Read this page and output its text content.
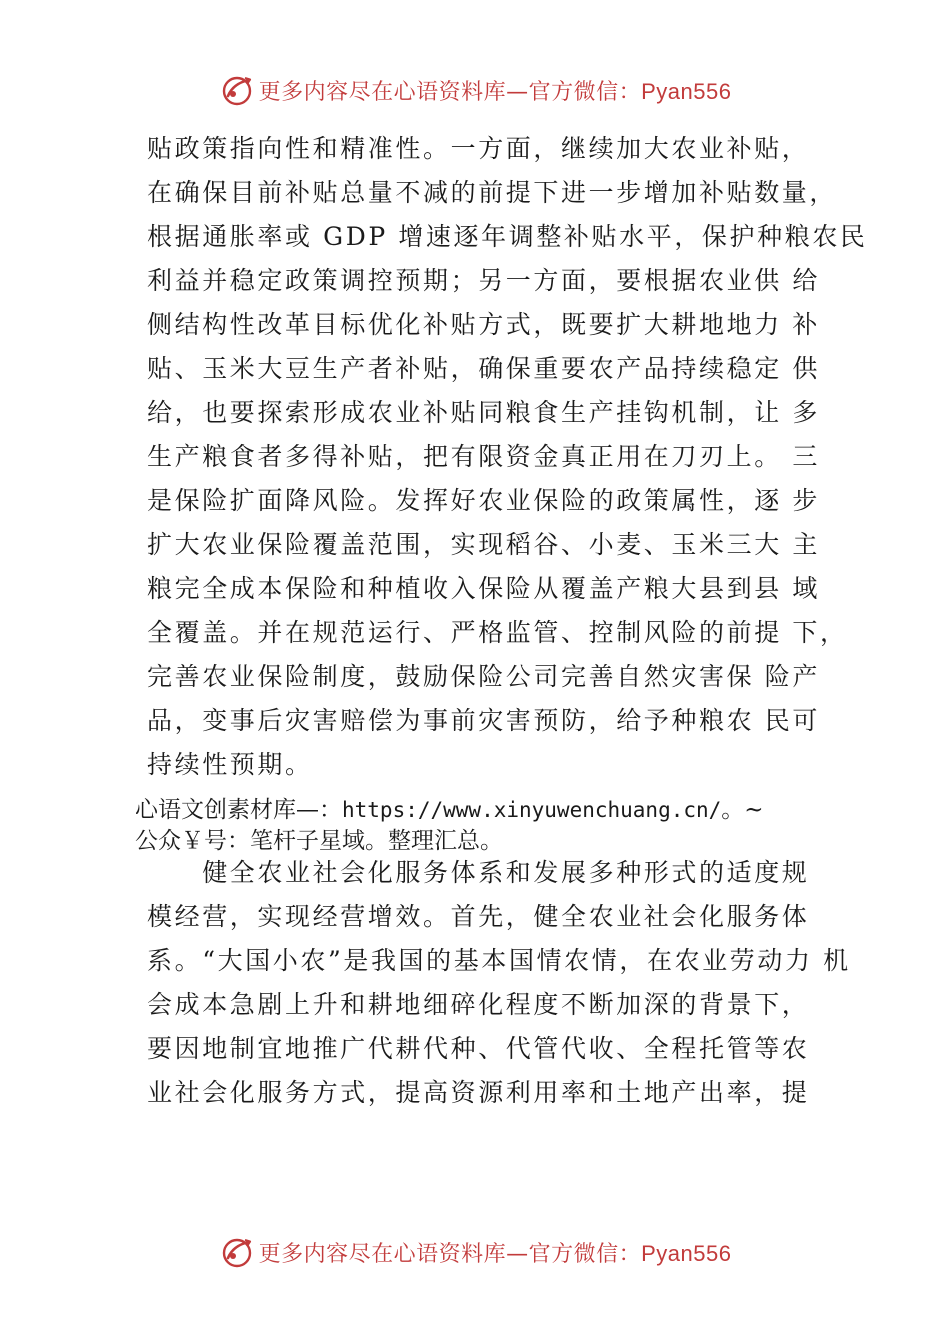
更多内容尽在心语资料库—官方微信：Pyan556
贴政策指向性和精准性。一方面，继续加大农业补贴，
在确保目前补贴总量不减的前提下进一步增加补贴数量，
根据通胀率或 GDP 增速逐年调整补贴水平，保护种粮农民
利益并稳定政策调控预期；另一方面，要根据农业供 给
侧结构性改革目标优化补贴方式，既要扩大耕地地力 补
贴、玉米大豆生产者补贴，确保重要农产品持续稳定 供
给，也要探索形成农业补贴同粮食生产挂钩机制，让 多
生产粮食者多得补贴，把有限资金真正用在刀刃上。 三
是保险扩面降风险。发挥好农业保险的政策属性，逐 步
扩大农业保险覆盖范围，实现稻谷、小麦、玉米三大 主
粮完全成本保险和种植收入保险从覆盖产粮大县到县 域
全覆盖。并在规范运行、严格监管、控制风险的前提 下，
完善农业保险制度，鼓励保险公司完善自然灾害保 险产
品，变事后灾害赔偿为事前灾害预防，给予种粮农 民可
持续性预期。
心语文创素材库—：https://www.xinyuwenchuang.cn/。~
公众￥号：笔杆子星域。整理汇总。
　　健全农业社会化服务体系和发展多种形式的适度规
模经营，实现经营增效。首先，健全农业社会化服务体
系。“大国小农”是我国的基本国情农情，在农业劳动力 机
会成本急剧上升和耕地细碎化程度不断加深的背景下，
要因地制宜地推广代耕代种、代管代收、全程托管等农
业社会化服务方式，提高资源利用率和土地产出率，提
更多内容尽在心语资料库—官方微信：Pyan556
